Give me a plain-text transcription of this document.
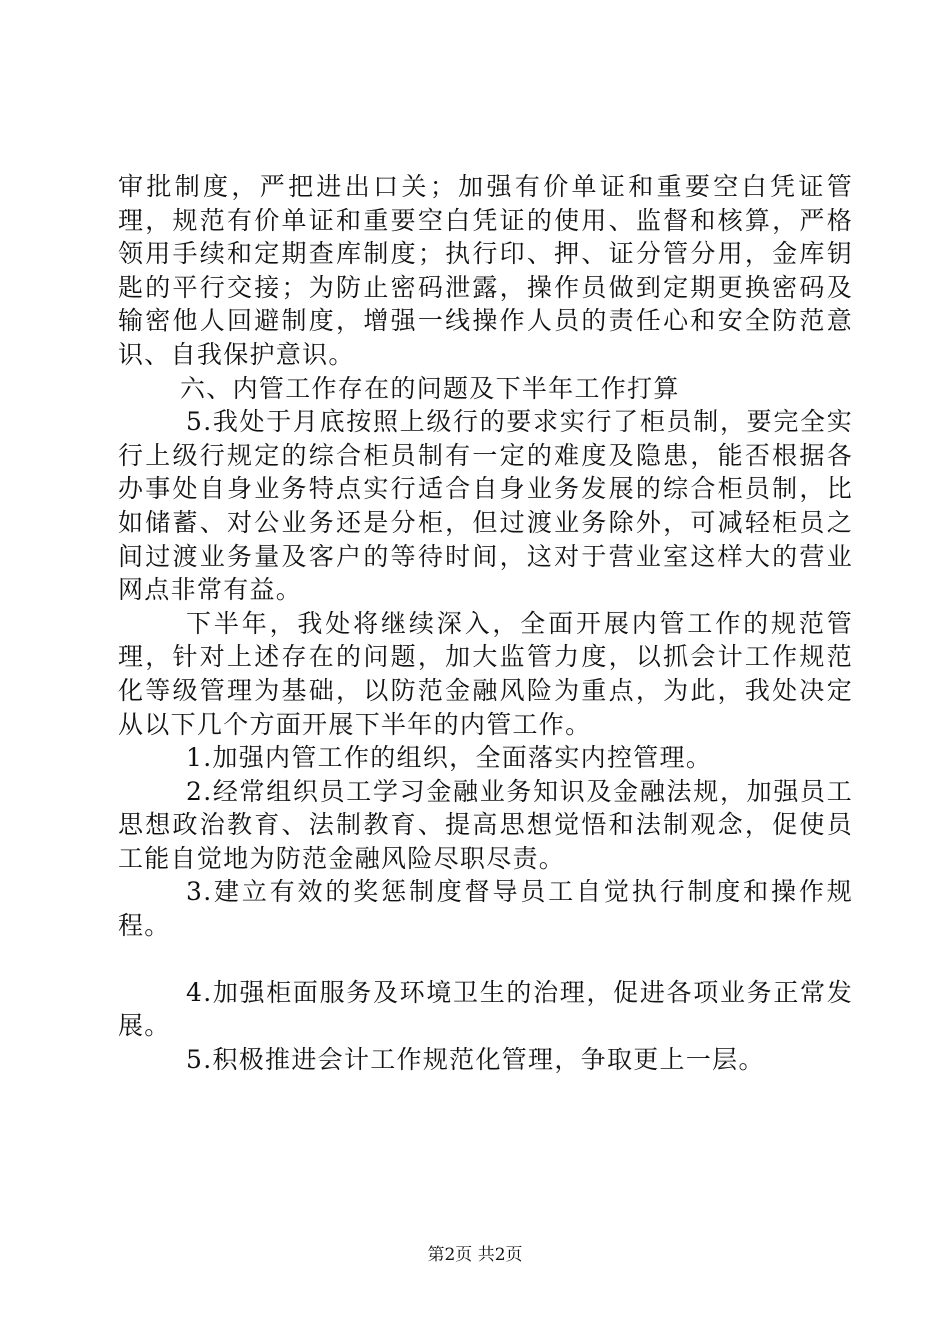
审批制度，严把进出口关；加强有价单证和重要空白凭证管理，规范有价单证和重要空白凭证的使用、监督和核算，严格领用手续和定期查库制度；执行印、押、证分管分用，金库钥匙的平行交接；为防止密码泄露，操作员做到定期更换密码及输密他人回避制度，增强一线操作人员的责任心和安全防范意识、自我保护意识。

六、内管工作存在的问题及下半年工作打算

5.我处于月底按照上级行的要求实行了柜员制，要完全实行上级行规定的综合柜员制有一定的难度及隐患，能否根据各办事处自身业务特点实行适合自身业务发展的综合柜员制，比如储蓄、对公业务还是分柜，但过渡业务除外，可减轻柜员之间过渡业务量及客户的等待时间，这对于营业室这样大的营业网点非常有益。

下半年，我处将继续深入，全面开展内管工作的规范管理，针对上述存在的问题，加大监管力度，以抓会计工作规范化等级管理为基础，以防范金融风险为重点，为此，我处决定从以下几个方面开展下半年的内管工作。

1.加强内管工作的组织，全面落实内控管理。

2.经常组织员工学习金融业务知识及金融法规，加强员工思想政治教育、法制教育、提高思想觉悟和法制观念，促使员工能自觉地为防范金融风险尽职尽责。

3.建立有效的奖惩制度督导员工自觉执行制度和操作规程。

4.加强柜面服务及环境卫生的治理，促进各项业务正常发展。

5.积极推进会计工作规范化管理，争取更上一层。

第2页 共2页
